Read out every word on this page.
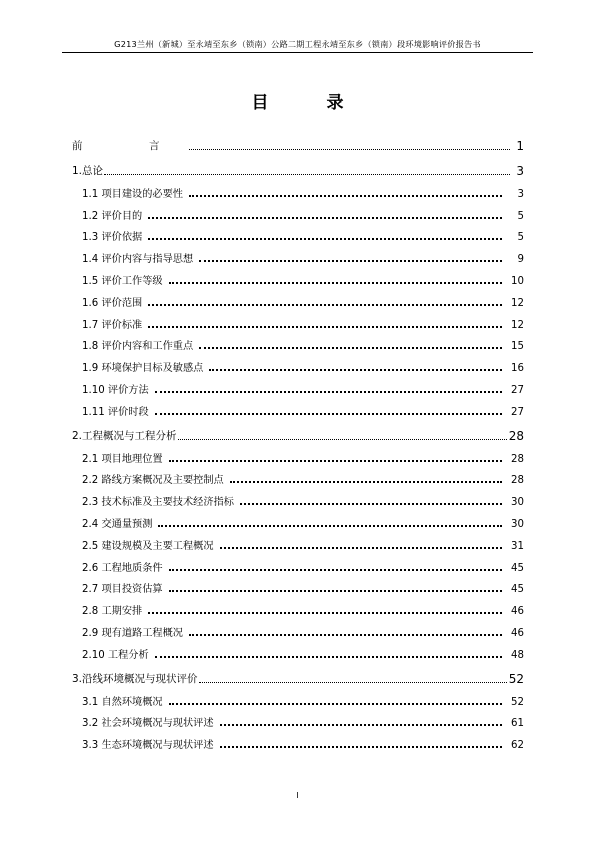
G213兰州（新城）至永靖至东乡（锁南）公路二期工程永靖至东乡（锁南）段环境影响评价报告书
目 录
前　言	1
1.总论	3
1.1 项目建设的必要性	3
1.2 评价目的	5
1.3 评价依据	5
1.4 评价内容与指导思想	9
1.5 评价工作等级	10
1.6 评价范围	12
1.7 评价标准	12
1.8 评价内容和工作重点	15
1.9 环境保护目标及敏感点	16
1.10 评价方法	27
1.11 评价时段	27
2.工程概况与工程分析	28
2.1 项目地理位置	28
2.2 路线方案概况及主要控制点	28
2.3 技术标准及主要技术经济指标	30
2.4 交通量预测	30
2.5 建设规模及主要工程概况	31
2.6 工程地质条件	45
2.7 项目投资估算	45
2.8 工期安排	46
2.9 现有道路工程概况	46
2.10 工程分析	48
3.沿线环境概况与现状评价	52
3.1 自然环境概况	52
3.2 社会环境概况与现状评述	61
3.3 生态环境概况与现状评述	62
I
